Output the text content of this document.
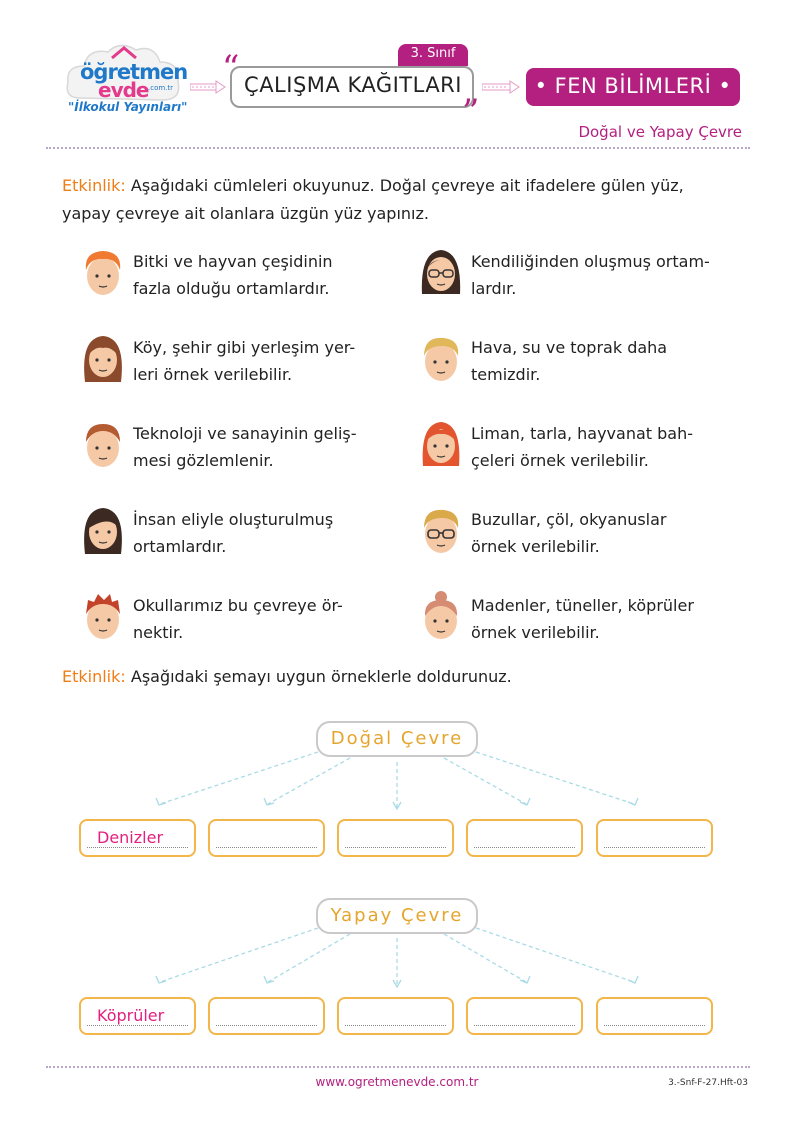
öğretmen
evde .com.tr
"İlkokul Yayınları"
3. Sınıf
“
”
ÇALIŞMA KAĞITLARI	• FEN BİLİMLERİ •
Doğal ve Yapay Çevre
Etkinlik: Aşağıdaki cümleleri okuyunuz. Doğal çevreye ait ifadelere gülen yüz,
yapay çevreye ait olanlara üzgün yüz yapınız.
Bitki ve hayvan çeşidinin
fazla olduğu ortamlardır.
Kendiliğinden oluşmuş ortam-
lardır.
Köy, şehir gibi yerleşim yer-
leri örnek verilebilir.
Hava, su ve toprak daha
temizdir.
Teknoloji ve sanayinin geliş-
mesi gözlemlenir.
Liman, tarla, hayvanat bah-
çeleri örnek verilebilir.
İnsan eliyle oluşturulmuş
ortamlardır.
Buzullar, çöl, okyanuslar
örnek verilebilir.
Okullarımız bu çevreye ör-
nektir.
Madenler, tüneller, köprüler
örnek verilebilir.
Etkinlik: Aşağıdaki şemayı uygun örneklerle doldurunuz.
Doğal Çevre
Denizler
Yapay Çevre
Köprüler
www.ogretmenevde.com.tr	3.-Snf-F-27.Hft-03
